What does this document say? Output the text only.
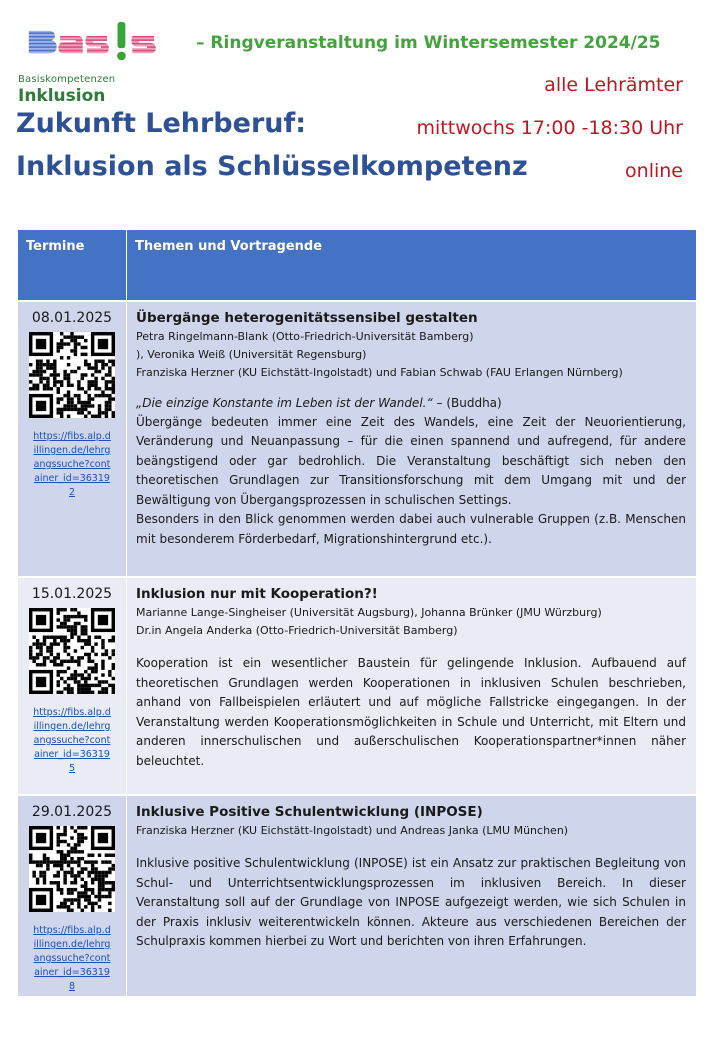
Basiskompetenzen
Inklusion
– Ringveranstaltung im Wintersemester 2024/25
alle Lehrämter
mittwochs 17:00 -18:30 Uhr
online
Zukunft Lehrberuf:
Inklusion als Schlüsselkompetenz
Termine	Themen und Vortragende
08.01.2025
https://fibs.alp.dillingen.de/lehrgangssuche?container_id=363192
Übergänge heterogenitätssensibel gestalten
Petra Ringelmann-Blank (Otto-Friedrich-Universität Bamberg)
), Veronika Weiß (Universität Regensburg)
Franziska Herzner (KU Eichstätt-Ingolstadt) und Fabian Schwab (FAU Erlangen Nürnberg)
„Die einzige Konstante im Leben ist der Wandel.“ – (Buddha)
Übergänge bedeuten immer eine Zeit des Wandels, eine Zeit der Neuorientierung, Veränderung und Neuanpassung – für die einen spannend und aufregend, für andere beängstigend oder gar bedrohlich. Die Veranstaltung beschäftigt sich neben den theoretischen Grundlagen zur Transitionsforschung mit dem Umgang mit und der Bewältigung von Übergangsprozessen in schulischen Settings.
Besonders in den Blick genommen werden dabei auch vulnerable Gruppen (z.B. Menschen mit besonderem Förderbedarf, Migrationshintergrund etc.).
15.01.2025
https://fibs.alp.dillingen.de/lehrgangssuche?container_id=363195
Inklusion nur mit Kooperation?!
Marianne Lange-Singheiser (Universität Augsburg), Johanna Brünker (JMU Würzburg)
Dr.in Angela Anderka (Otto-Friedrich-Universität Bamberg)
Kooperation ist ein wesentlicher Baustein für gelingende Inklusion. Aufbauend auf theoretischen Grundlagen werden Kooperationen in inklusiven Schulen beschrieben, anhand von Fallbeispielen erläutert und auf mögliche Fallstricke eingegangen. In der Veranstaltung werden Kooperationsmöglichkeiten in Schule und Unterricht, mit Eltern und anderen innerschulischen und außerschulischen Kooperationspartner*innen näher beleuchtet.
29.01.2025
https://fibs.alp.dillingen.de/lehrgangssuche?container_id=363198
Inklusive Positive Schulentwicklung (INPOSE)
Franziska Herzner (KU Eichstätt-Ingolstadt) und Andreas Janka (LMU München)
Inklusive positive Schulentwicklung (INPOSE) ist ein Ansatz zur praktischen Begleitung von Schul- und Unterrichtsentwicklungsprozessen im inklusiven Bereich. In dieser Veranstaltung soll auf der Grundlage von INPOSE aufgezeigt werden, wie sich Schulen in der Praxis inklusiv weiterentwickeln können. Akteure aus verschiedenen Bereichen der Schulpraxis kommen hierbei zu Wort und berichten von ihren Erfahrungen.
